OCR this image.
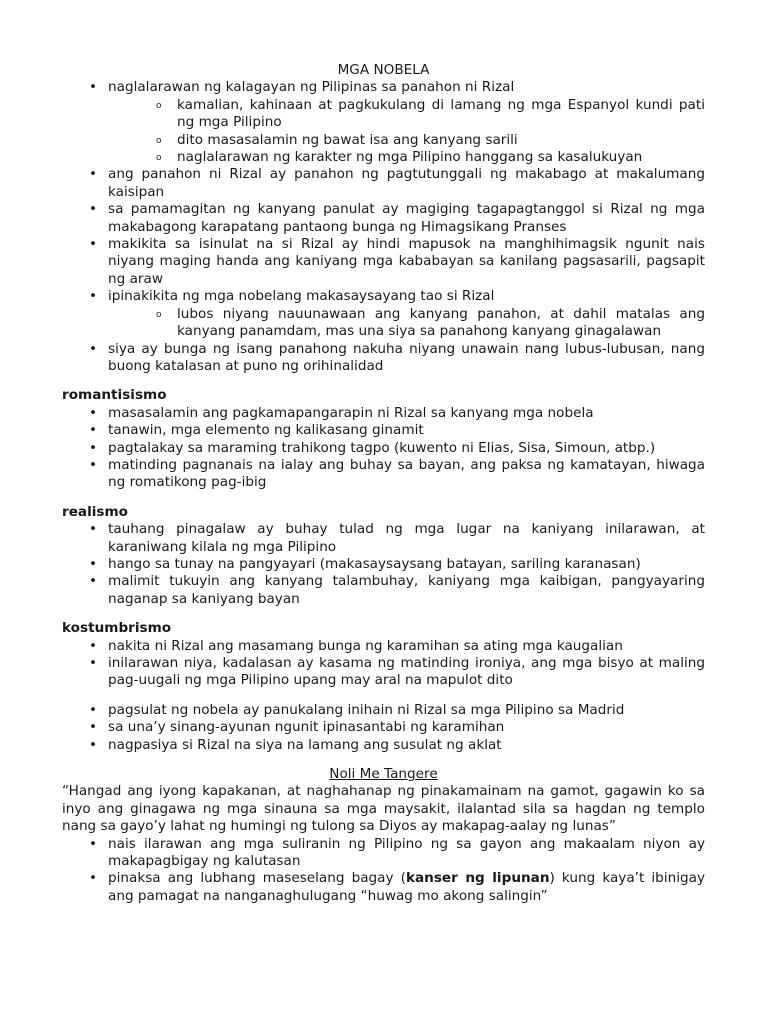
MGA NOBELA
• naglalarawan ng kalagayan ng Pilipinas sa panahon ni Rizal
o kamalian, kahinaan at pagkukulang di lamang ng mga Espanyol kundi pati ng mga Pilipino
o dito masasalamin ng bawat isa ang kanyang sarili
o naglalarawan ng karakter ng mga Pilipino hanggang sa kasalukuyan
• ang panahon ni Rizal ay panahon ng pagtutunggali ng makabago at makalumang kaisipan
• sa pamamagitan ng kanyang panulat ay magiging tagapagtanggol si Rizal ng mga makabagong karapatang pantaong bunga ng Himagsikang Pranses
• makikita sa isinulat na si Rizal ay hindi mapusok na manghihimagsik ngunit nais niyang maging handa ang kaniyang mga kababayan sa kanilang pagsasarili, pagsapit ng araw
• ipinakikita ng mga nobelang makasaysayang tao si Rizal
o lubos niyang nauunawaan ang kanyang panahon, at dahil matalas ang kanyang panamdam, mas una siya sa panahong kanyang ginagalawan
• siya ay bunga ng isang panahong nakuha niyang unawain nang lubus-lubusan, nang buong katalasan at puno ng orihinalidad
romantisismo
• masasalamin ang pagkamapangarapin ni Rizal sa kanyang mga nobela
• tanawin, mga elemento ng kalikasang ginamit
• pagtalakay sa maraming trahikong tagpo (kuwento ni Elias, Sisa, Simoun, atbp.)
• matinding pagnanais na ialay ang buhay sa bayan, ang paksa ng kamatayan, hiwaga ng romatikong pag-ibig
realismo
• tauhang pinagalaw ay buhay tulad ng mga lugar na kaniyang inilarawan, at karaniwang kilala ng mga Pilipino
• hango sa tunay na pangyayari (makasaysaysang batayan, sariling karanasan)
• malimit tukuyin ang kanyang talambuhay, kaniyang mga kaibigan, pangyayaring naganap sa kaniyang bayan
kostumbrismo
• nakita ni Rizal ang masamang bunga ng karamihan sa ating mga kaugalian
• inilarawan niya, kadalasan ay kasama ng matinding ironiya, ang mga bisyo at maling pag-uugali ng mga Pilipino upang may aral na mapulot dito
• pagsulat ng nobela ay panukalang inihain ni Rizal sa mga Pilipino sa Madrid
• sa una’y sinang-ayunan ngunit ipinasantabi ng karamihan
• nagpasiya si Rizal na siya na lamang ang susulat ng aklat
Noli Me Tangere

“Hangad ang iyong kapakanan, at naghahanap ng pinakamainam na gamot, gagawin ko sa inyo ang ginagawa ng mga sinauna sa mga maysakit, ilalantad sila sa hagdan ng templo nang sa gayo’y lahat ng humingi ng tulong sa Diyos ay makapag-aalay ng lunas”

• nais ilarawan ang mga suliranin ng Pilipino ng sa gayon ang makaalam niyon ay makapagbigay ng kalutasan
• pinaksa ang lubhang maseselang bagay (kanser ng lipunan) kung kaya’t ibinigay ang pamagat na nanganaghulugang “huwag mo akong salingin”
